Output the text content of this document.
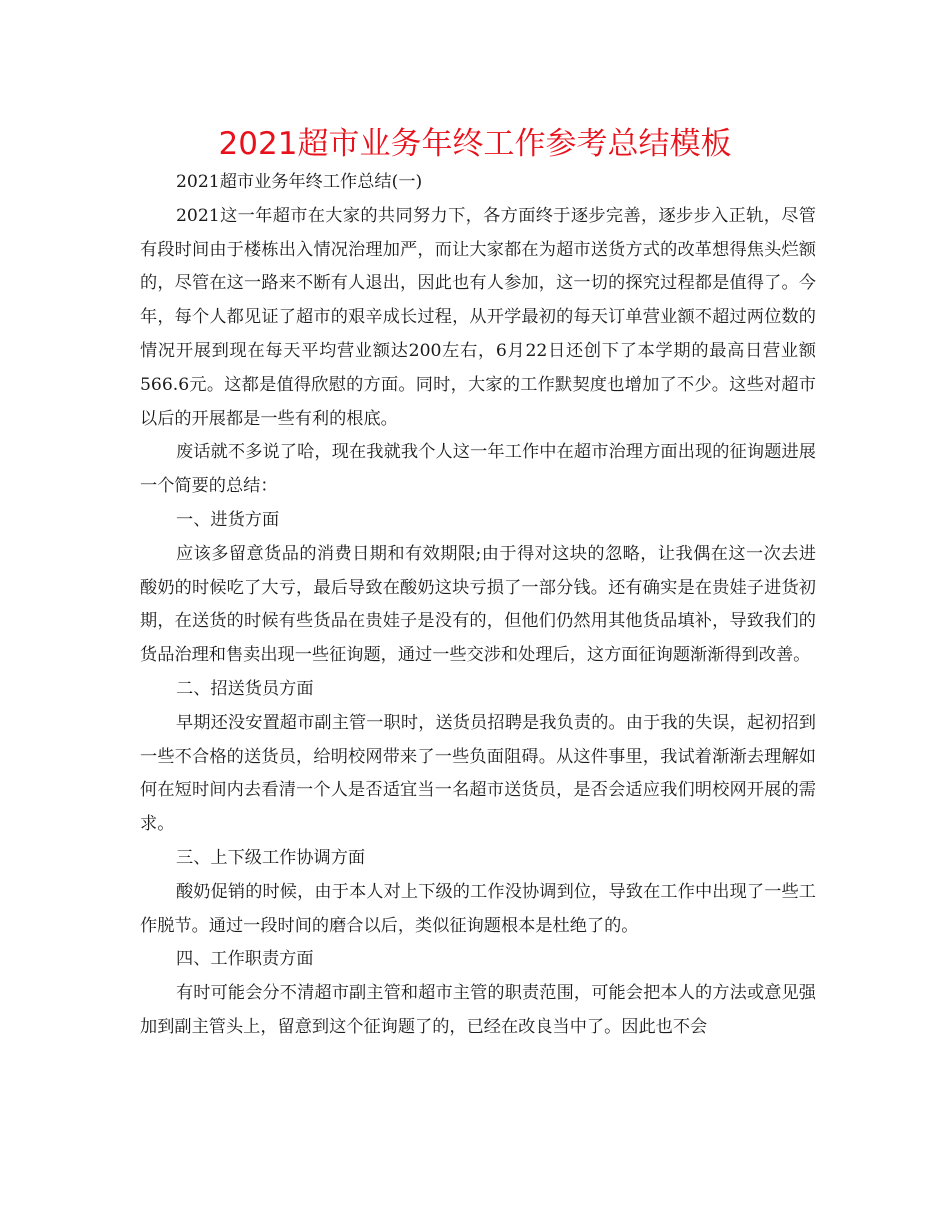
2021超市业务年终工作参考总结模板

2021超市业务年终工作总结(一)

2021这一年超市在大家的共同努力下，各方面终于逐步完善，逐步步入正轨，尽管有段时间由于楼栋出入情况治理加严，而让大家都在为超市送货方式的改革想得焦头烂额的，尽管在这一路来不断有人退出，因此也有人参加，这一切的探究过程都是值得了。今年，每个人都见证了超市的艰辛成长过程，从开学最初的每天订单营业额不超过两位数的情况开展到现在每天平均营业额达200左右，6月22日还创下了本学期的最高日营业额566.6元。这都是值得欣慰的方面。同时，大家的工作默契度也增加了不少。这些对超市以后的开展都是一些有利的根底。

废话就不多说了哈，现在我就我个人这一年工作中在超市治理方面出现的征询题进展一个简要的总结：

一、进货方面

应该多留意货品的消费日期和有效期限;由于得对这块的忽略，让我偶在这一次去进酸奶的时候吃了大亏，最后导致在酸奶这块亏损了一部分钱。还有确实是在贵娃子进货初期，在送货的时候有些货品在贵娃子是没有的，但他们仍然用其他货品填补，导致我们的货品治理和售卖出现一些征询题，通过一些交涉和处理后，这方面征询题渐渐得到改善。

二、招送货员方面

早期还没安置超市副主管一职时，送货员招聘是我负责的。由于我的失误，起初招到一些不合格的送货员，给明校网带来了一些负面阻碍。从这件事里，我试着渐渐去理解如何在短时间内去看清一个人是否适宜当一名超市送货员，是否会适应我们明校网开展的需求。

三、上下级工作协调方面

酸奶促销的时候，由于本人对上下级的工作没协调到位，导致在工作中出现了一些工作脱节。通过一段时间的磨合以后，类似征询题根本是杜绝了的。

四、工作职责方面

有时可能会分不清超市副主管和超市主管的职责范围，可能会把本人的方法或意见强加到副主管头上，留意到这个征询题了的，已经在改良当中了。因此也不会
